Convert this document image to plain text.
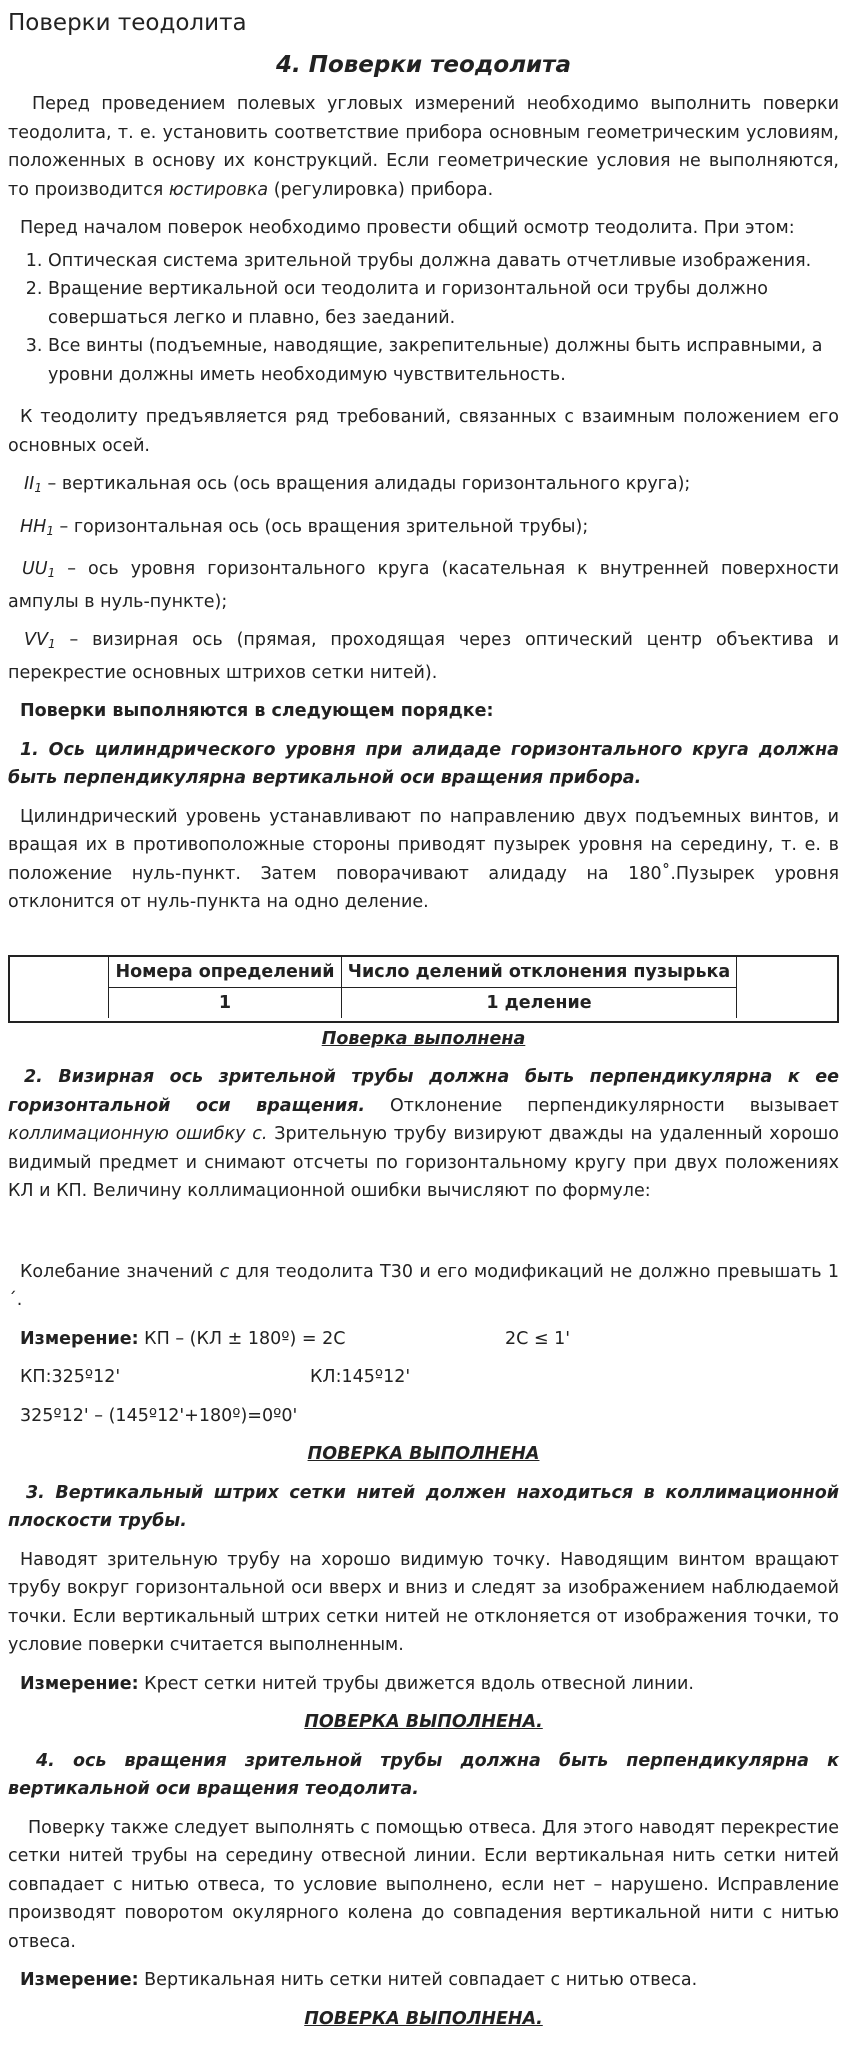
Поверки теодолита
4. Поверки теодолита

Перед проведением полевых угловых измерений необходимо выполнить поверки теодолита, т. е. установить соответствие прибора основным геометрическим условиям, положенных в основу их конструкций. Если геометрические условия не выполняются, то производится юстировка (регулировка) прибора.

Перед началом поверок необходимо провести общий осмотр теодолита. При этом:

1. Оптическая система зрительной трубы должна давать отчетливые изображения.
2. Вращение вертикальной оси теодолита и горизонтальной оси трубы должно совершаться легко и плавно, без заеданий.
3. Все винты (подъемные, наводящие, закрепительные) должны быть исправными, а уровни должны иметь необходимую чувствительность.

К теодолиту предъявляется ряд требований, связанных с взаимным положением его основных осей.

$II_1$ – вертикальная ось (ось вращения алидады горизонтального круга);

$HH_1$ – горизонтальная ось (ось вращения зрительной трубы);

$UU_1$ – ось уровня горизонтального круга (касательная к внутренней поверхности ампулы в нуль-пункте);

$VV_1$ – визирная ось (прямая, проходящая через оптический центр объектива и перекрестие основных штрихов сетки нитей).

Поверки выполняются в следующем порядке:

1. Ось цилиндрического уровня при алидаде горизонтального круга должна быть перпендикулярна вертикальной оси вращения прибора.

Цилиндрический уровень устанавливают по направлению двух подъемных винтов, и вращая их в противоположные стороны приводят пузырек уровня на середину, т. е. в положение нуль-пункт. Затем поворачивают алидаду на 180˚.Пузырек уровня отклонится от нуль-пункта на одно деление.

Номера определений	Число делений отклонения пузырька
1	1 деление

Поверка выполнена

2. Визирная ось зрительной трубы должна быть перпендикулярна к ее горизонтальной оси вращения. Отклонение перпендикулярности вызывает коллимационную ошибку с. Зрительную трубу визируют дважды на удаленный хорошо видимый предмет и снимают отсчеты по горизонтальному кругу при двух положениях КЛ и КП. Величину коллимационной ошибки вычисляют по формуле:

Колебание значений с для теодолита Т30 и его модификаций не должно превышать 1´.

Измерение: КП – (КЛ ± 180º) = 2С	2С ≤ 1'
КП:325º12'	КЛ:145º12'
325º12' – (145º12'+180º)=0º0'

ПОВЕРКА ВЫПОЛНЕНА

3. Вертикальный штрих сетки нитей должен находиться в коллимационной плоскости трубы.

Наводят зрительную трубу на хорошо видимую точку. Наводящим винтом вращают трубу вокруг горизонтальной оси вверх и вниз и следят за изображением наблюдаемой точки. Если вертикальный штрих сетки нитей не отклоняется от изображения точки, то условие поверки считается выполненным.

Измерение: Крест сетки нитей трубы движется вдоль отвесной линии.

ПОВЕРКА ВЫПОЛНЕНА.

4. ось вращения зрительной трубы должна быть перпендикулярна к вертикальной оси вращения теодолита.

Поверку также следует выполнять с помощью отвеса. Для этого наводят перекрестие сетки нитей трубы на середину отвесной линии. Если вертикальная нить сетки нитей совпадает с нитью отвеса, то условие выполнено, если нет – нарушено. Исправление производят поворотом окулярного колена до совпадения вертикальной нити с нитью отвеса.

Измерение: Вертикальная нить сетки нитей совпадает с нитью отвеса.

ПОВЕРКА ВЫПОЛНЕНА.
